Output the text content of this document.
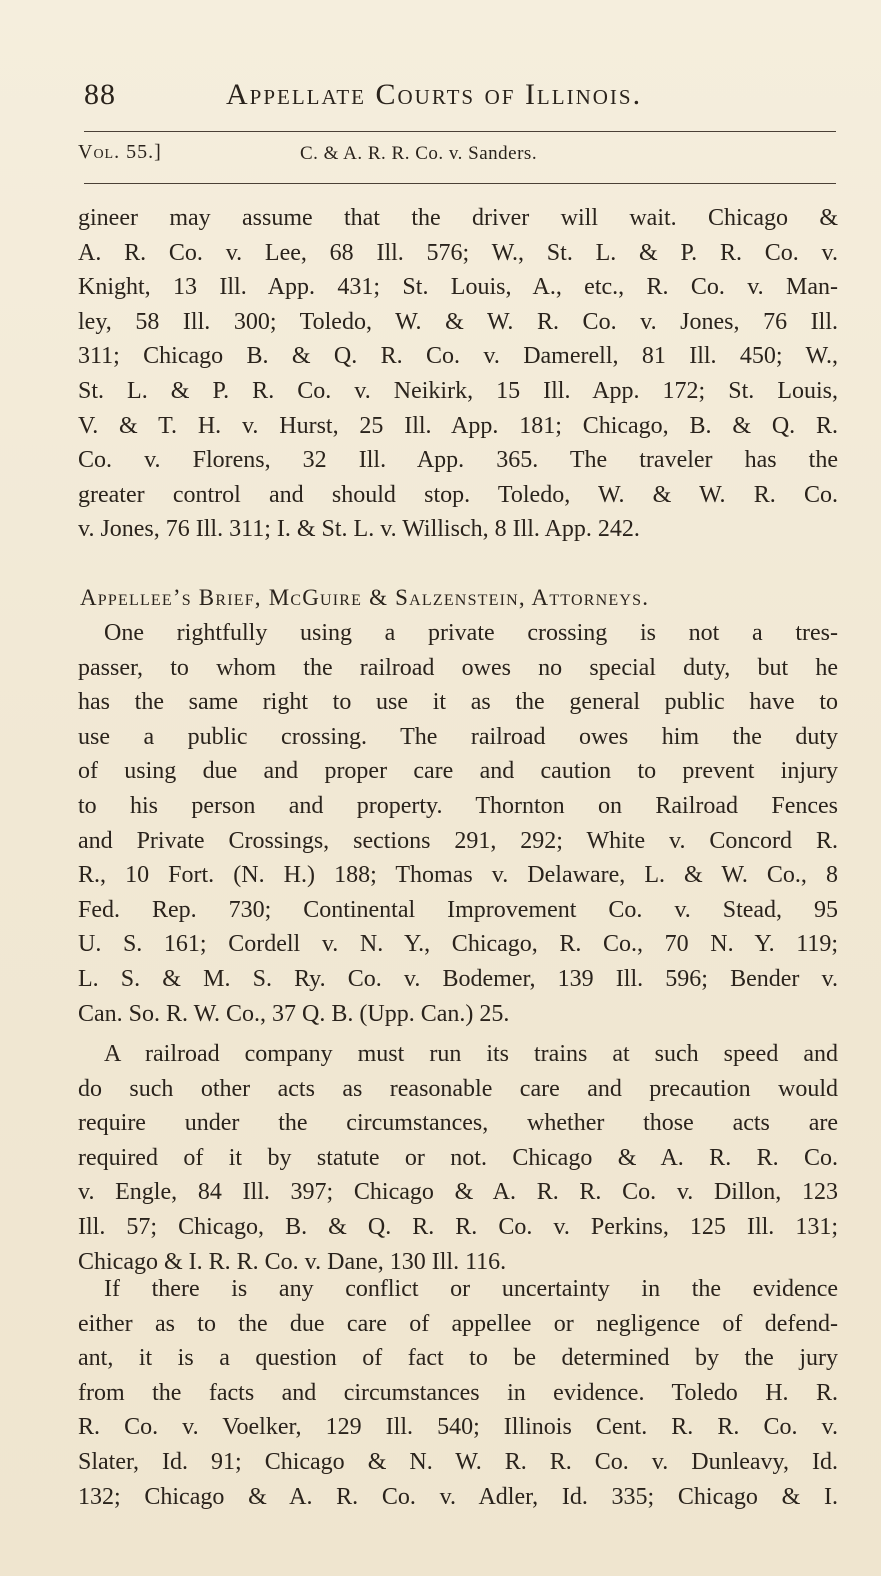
88	Appellate Courts of Illinois.
Vol. 55.]	C. & A. R. R. Co. v. Sanders.
gineer may assume that the driver will wait. Chicago &
A. R. Co. v. Lee, 68 Ill. 576; W., St. L. & P. R. Co. v.
Knight, 13 Ill. App. 431; St. Louis, A., etc., R. Co. v. Man-
ley, 58 Ill. 300; Toledo, W. & W. R. Co. v. Jones, 76 Ill.
311; Chicago B. & Q. R. Co. v. Damerell, 81 Ill. 450; W.,
St. L. & P. R. Co. v. Neikirk, 15 Ill. App. 172; St. Louis,
V. & T. H. v. Hurst, 25 Ill. App. 181; Chicago, B. & Q. R.
Co. v. Florens, 32 Ill. App. 365. The traveler has the
greater control and should stop. Toledo, W. & W. R. Co.
v. Jones, 76 Ill. 311; I. & St. L. v. Willisch, 8 Ill. App. 242.
Appellee’s Brief, McGuire & Salzenstein, Attorneys.
One rightfully using a private crossing is not a tres-
passer, to whom the railroad owes no special duty, but he
has the same right to use it as the general public have to
use a public crossing. The railroad owes him the duty
of using due and proper care and caution to prevent injury
to his person and property. Thornton on Railroad Fences
and Private Crossings, sections 291, 292; White v. Concord R.
R., 10 Fort. (N. H.) 188; Thomas v. Delaware, L. & W. Co., 8
Fed. Rep. 730; Continental Improvement Co. v. Stead, 95
U. S. 161; Cordell v. N. Y., Chicago, R. Co., 70 N. Y. 119;
L. S. & M. S. Ry. Co. v. Bodemer, 139 Ill. 596; Bender v.
Can. So. R. W. Co., 37 Q. B. (Upp. Can.) 25.
A railroad company must run its trains at such speed and
do such other acts as reasonable care and precaution would
require under the circumstances, whether those acts are
required of it by statute or not. Chicago & A. R. R. Co.
v. Engle, 84 Ill. 397; Chicago & A. R. R. Co. v. Dillon, 123
Ill. 57; Chicago, B. & Q. R. R. Co. v. Perkins, 125 Ill. 131;
Chicago & I. R. R. Co. v. Dane, 130 Ill. 116.
If there is any conflict or uncertainty in the evidence
either as to the due care of appellee or negligence of defend-
ant, it is a question of fact to be determined by the jury
from the facts and circumstances in evidence. Toledo H. R.
R. Co. v. Voelker, 129 Ill. 540; Illinois Cent. R. R. Co. v.
Slater, Id. 91; Chicago & N. W. R. R. Co. v. Dunleavy, Id.
132; Chicago & A. R. Co. v. Adler, Id. 335; Chicago & I.
